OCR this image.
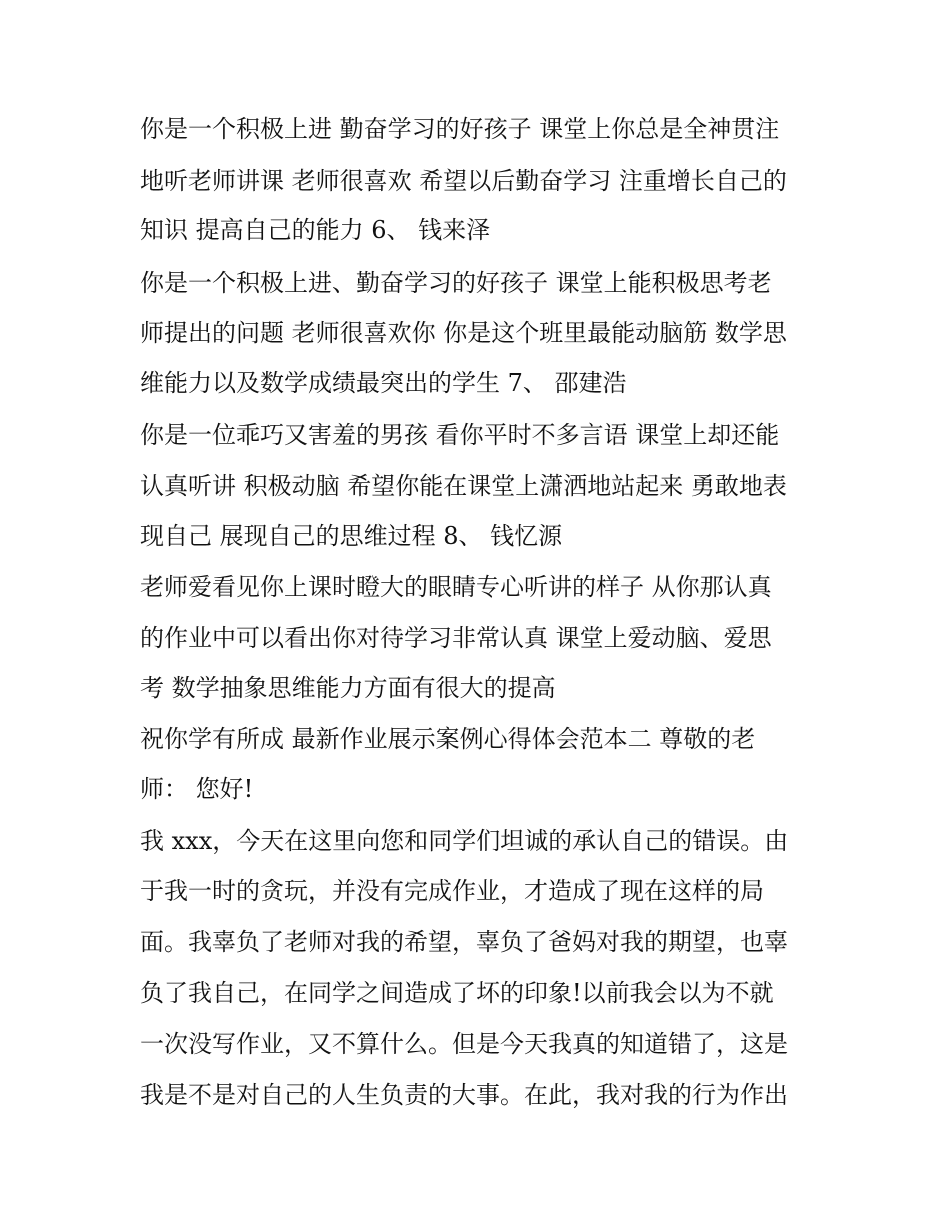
你是一个积极上进 勤奋学习的好孩子 课堂上你总是全神贯注
地听老师讲课 老师很喜欢 希望以后勤奋学习 注重增长自己的
知识 提高自己的能力 6、 钱来泽
你是一个积极上进、勤奋学习的好孩子 课堂上能积极思考老
师提出的问题 老师很喜欢你 你是这个班里最能动脑筋 数学思
维能力以及数学成绩最突出的学生 7、 邵建浩
你是一位乖巧又害羞的男孩 看你平时不多言语 课堂上却还能
认真听讲 积极动脑 希望你能在课堂上潇洒地站起来 勇敢地表
现自己 展现自己的思维过程 8、 钱忆源
老师爱看见你上课时瞪大的眼睛专心听讲的样子 从你那认真
的作业中可以看出你对待学习非常认真 课堂上爱动脑、爱思
考 数学抽象思维能力方面有很大的提高
祝你学有所成 最新作业展示案例心得体会范本二 尊敬的老
师： 您好!
我 xxx，今天在这里向您和同学们坦诚的承认自己的错误。由
于我一时的贪玩，并没有完成作业，才造成了现在这样的局
面。我辜负了老师对我的希望，辜负了爸妈对我的期望，也辜
负了我自己，在同学之间造成了坏的印象!以前我会以为不就
一次没写作业，又不算什么。但是今天我真的知道错了，这是
我是不是对自己的人生负责的大事。在此，我对我的行为作出
